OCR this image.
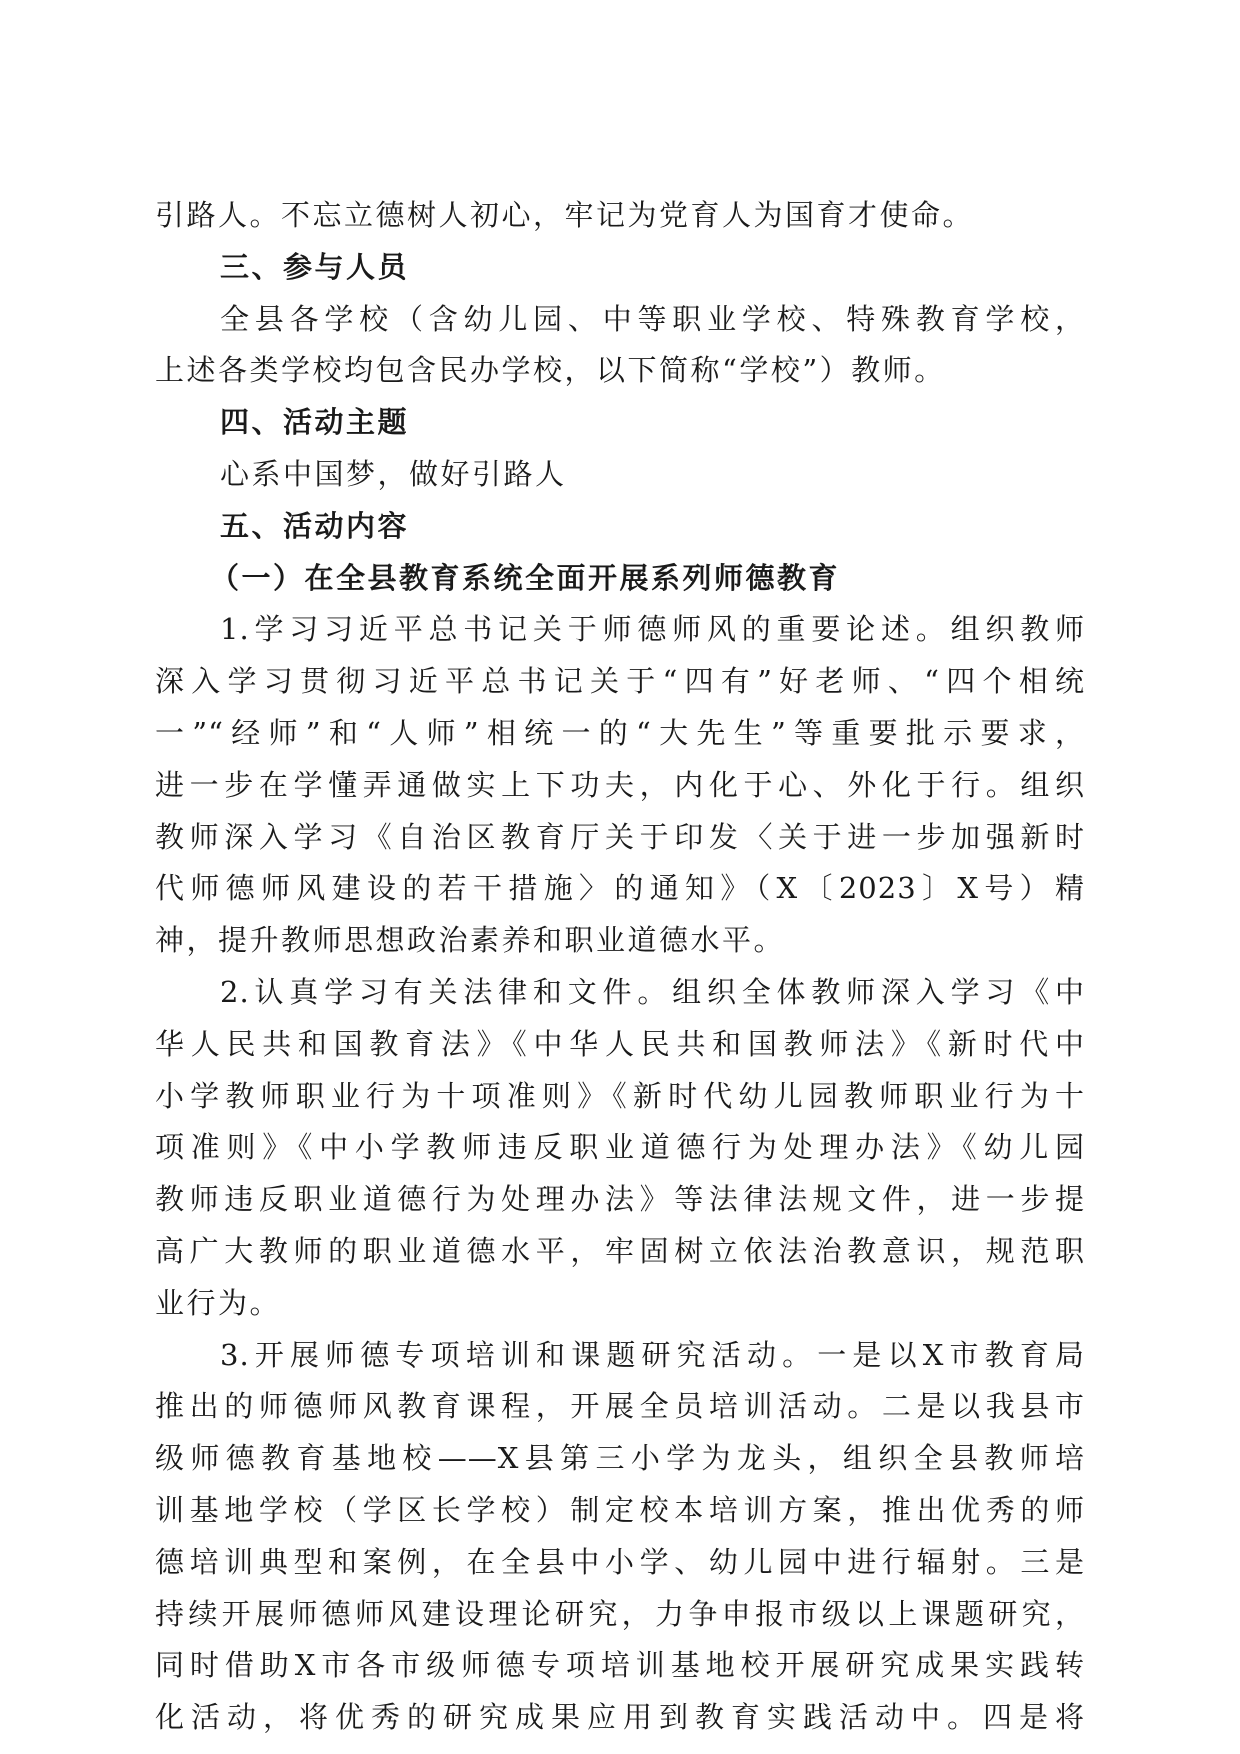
引路人。不忘立德树人初心，牢记为党育人为国育才使命。
三、参与人员
全县各学校（含幼儿园、中等职业学校、特殊教育学校，
上述各类学校均包含民办学校，以下简称“学校”）教师。
四、活动主题
心系中国梦，做好引路人
五、活动内容
（一）在全县教育系统全面开展系列师德教育
1.学习习近平总书记关于师德师风的重要论述。组织教师
深入学习贯彻习近平总书记关于“四有”好老师、“四个相统
一”“经师”和“人师”相统一的“大先生”等重要批示要求，
进一步在学懂弄通做实上下功夫，内化于心、外化于行。组织
教师深入学习《自治区教育厅关于印发〈关于进一步加强新时
代师德师风建设的若干措施〉的通知》（X〔2023〕X号）精
神，提升教师思想政治素养和职业道德水平。
2.认真学习有关法律和文件。组织全体教师深入学习《中
华人民共和国教育法》《中华人民共和国教师法》《新时代中
小学教师职业行为十项准则》《新时代幼儿园教师职业行为十
项准则》《中小学教师违反职业道德行为处理办法》《幼儿园
教师违反职业道德行为处理办法》等法律法规文件，进一步提
高广大教师的职业道德水平，牢固树立依法治教意识，规范职
业行为。
3.开展师德专项培训和课题研究活动。一是以X市教育局
推出的师德师风教育课程，开展全员培训活动。二是以我县市
级师德教育基地校——X县第三小学为龙头，组织全县教师培
训基地学校（学区长学校）制定校本培训方案，推出优秀的师
德培训典型和案例，在全县中小学、幼儿园中进行辐射。三是
持续开展师德师风建设理论研究，力争申报市级以上课题研究，
同时借助X市各市级师德专项培训基地校开展研究成果实践转
化活动，将优秀的研究成果应用到教育实践活动中。四是将
